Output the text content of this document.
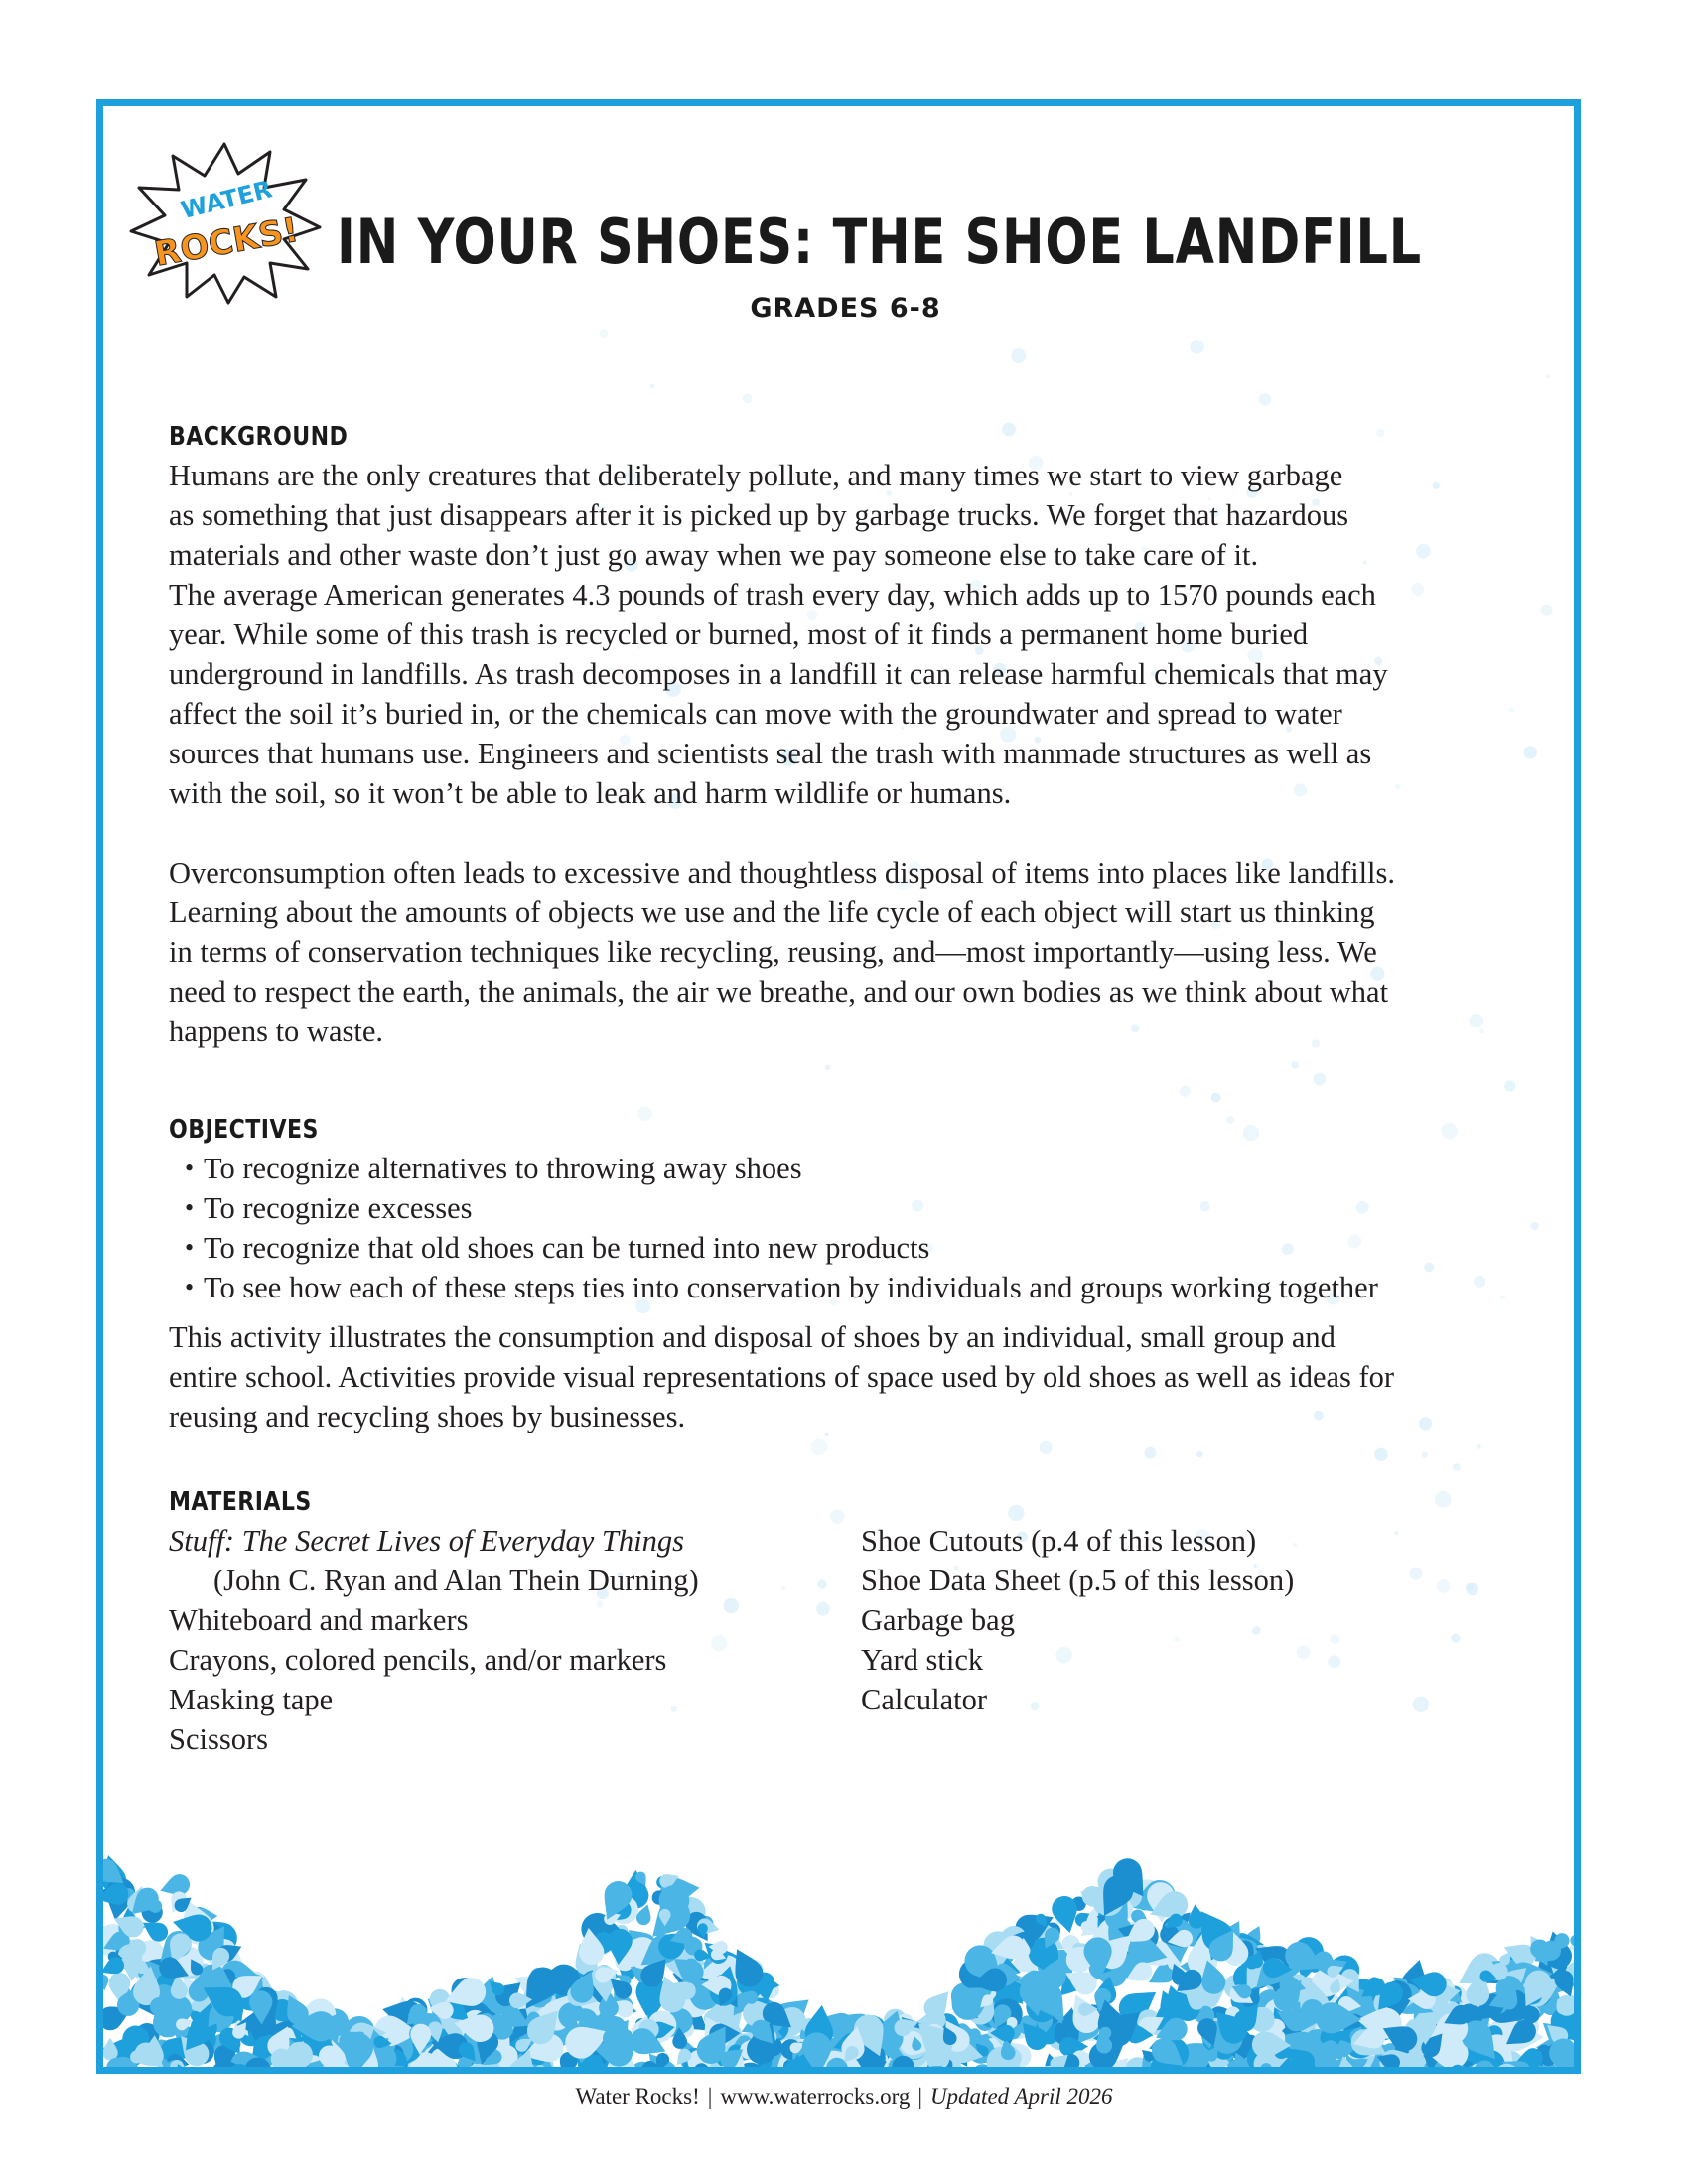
WATER
ROCKS! IN YOUR SHOES: THE SHOE LANDFILL
GRADES 6-8
BACKGROUND
Humans are the only creatures that deliberately pollute, and many times we start to view garbage
as something that just disappears after it is picked up by garbage trucks. We forget that hazardous
materials and other waste don’t just go away when we pay someone else to take care of it.
The average American generates 4.3 pounds of trash every day, which adds up to 1570 pounds each
year. While some of this trash is recycled or burned, most of it finds a permanent home buried
underground in landfills. As trash decomposes in a landfill it can release harmful chemicals that may
affect the soil it’s buried in, or the chemicals can move with the groundwater and spread to water
sources that humans use. Engineers and scientists seal the trash with manmade structures as well as
with the soil, so it won’t be able to leak and harm wildlife or humans.
Overconsumption often leads to excessive and thoughtless disposal of items into places like landfills.
Learning about the amounts of objects we use and the life cycle of each object will start us thinking
in terms of conservation techniques like recycling, reusing, and—most importantly—using less. We
need to respect the earth, the animals, the air we breathe, and our own bodies as we think about what
happens to waste.
OBJECTIVES
• To recognize alternatives to throwing away shoes
• To recognize excesses
• To recognize that old shoes can be turned into new products
• To see how each of these steps ties into conservation by individuals and groups working together
This activity illustrates the consumption and disposal of shoes by an individual, small group and
entire school. Activities provide visual representations of space used by old shoes as well as ideas for
reusing and recycling shoes by businesses.
MATERIALS
Stuff: The Secret Lives of Everyday Things
(John C. Ryan and Alan Thein Durning)
Whiteboard and markers
Crayons, colored pencils, and/or markers
Masking tape
Scissors
Shoe Cutouts (p.4 of this lesson)
Shoe Data Sheet (p.5 of this lesson)
Garbage bag
Yard stick
Calculator
Water Rocks! | www.waterrocks.org | Updated April 2026
